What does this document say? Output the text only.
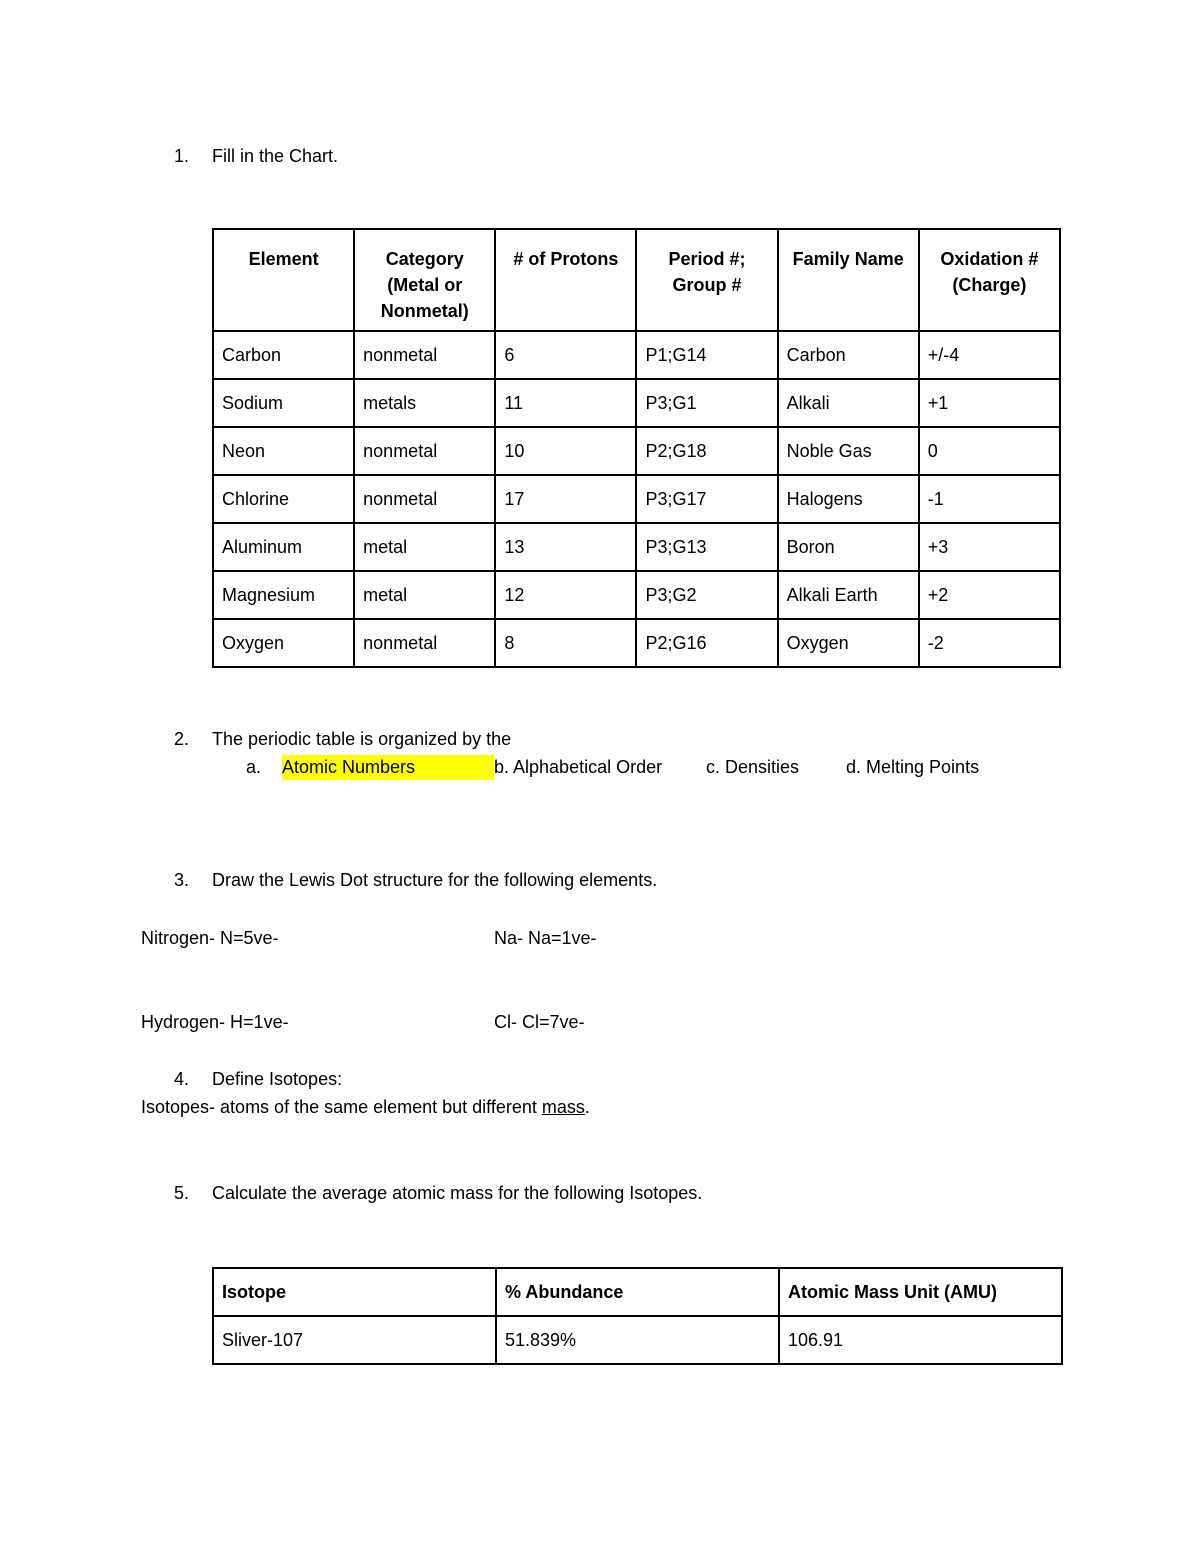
1. Fill in the Chart.
Element	Category (Metal or Nonmetal)	# of Protons	Period #; Group #	Family Name	Oxidation # (Charge)
Carbon	nonmetal	6	P1;G14	Carbon	+/-4
Sodium	metals	11	P3;G1	Alkali	+1
Neon	nonmetal	10	P2;G18	Noble Gas	0
Chlorine	nonmetal	17	P3;G17	Halogens	-1
Aluminum	metal	13	P3;G13	Boron	+3
Magnesium	metal	12	P3;G2	Alkali Earth	+2
Oxygen	nonmetal	8	P2;G16	Oxygen	-2
2. The periodic table is organized by the
a. Atomic Numbers	b. Alphabetical Order c. Densities	d. Melting Points
3. Draw the Lewis Dot structure for the following elements.
Nitrogen- N=5ve-	Na- Na=1ve-
Hydrogen- H=1ve-	Cl- Cl=7ve-
4. Define Isotopes:
Isotopes- atoms of the same element but different mass.
5. Calculate the average atomic mass for the following Isotopes.
Isotope	% Abundance	Atomic Mass Unit (AMU)
Sliver-107	51.839%	106.91
